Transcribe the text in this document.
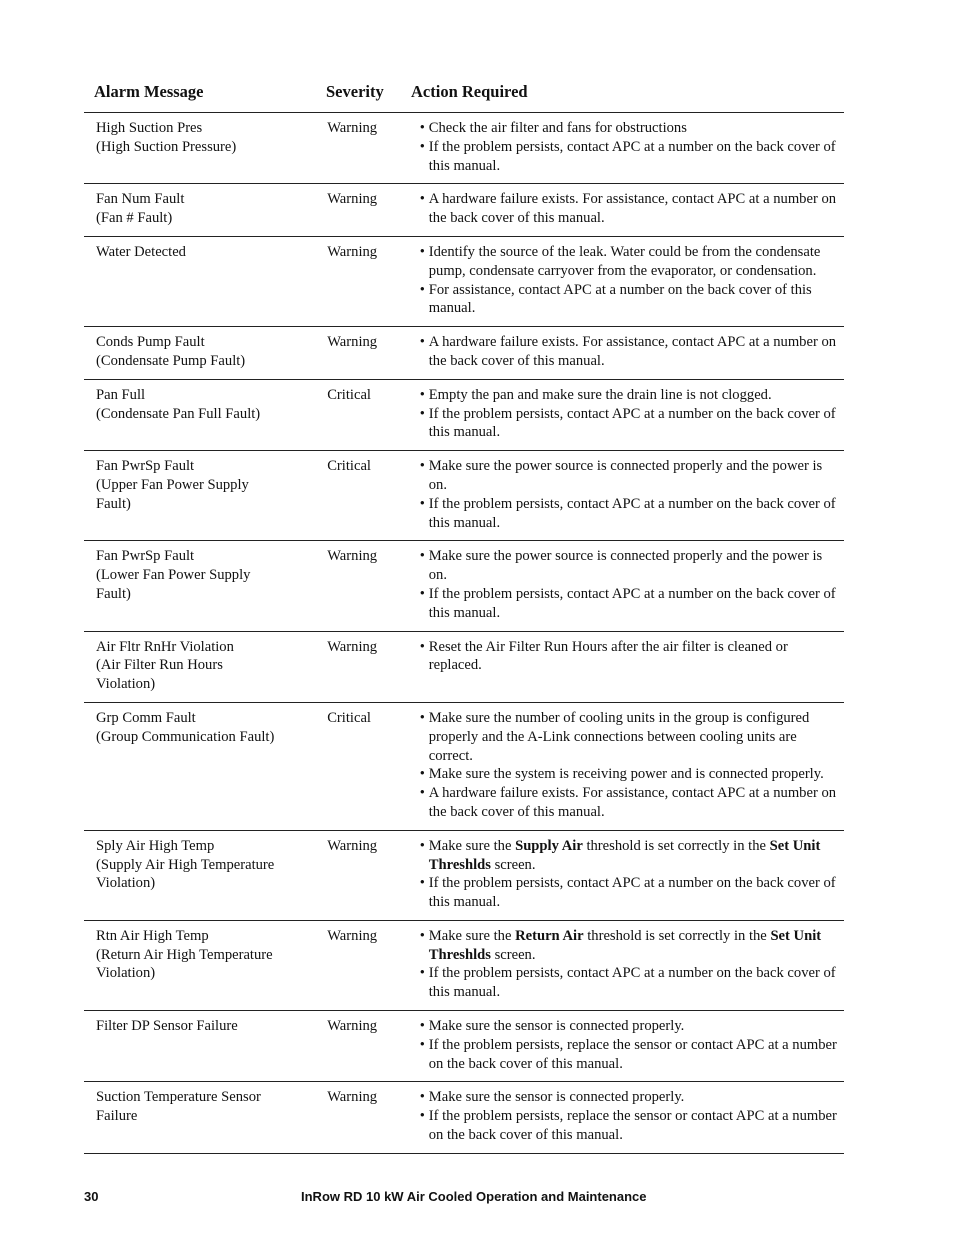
Alarm Message	Severity	Action Required
High Suction Pres
(High Suction Pressure)
Warning	• Check the air filter and fans for obstructions
• If the problem persists, contact APC at a number on the back cover of this manual.
Fan Num Fault
(Fan # Fault)
Warning	• A hardware failure exists. For assistance, contact APC at a number on the back cover of this manual.
Water Detected	Warning	• Identify the source of the leak. Water could be from the condensate pump, condensate carryover from the evaporator, or condensation.
• For assistance, contact APC at a number on the back cover of this manual.
Conds Pump Fault
(Condensate Pump Fault)
Warning	• A hardware failure exists. For assistance, contact APC at a number on the back cover of this manual.
Pan Full
(Condensate Pan Full Fault)
Critical	• Empty the pan and make sure the drain line is not clogged.
• If the problem persists, contact APC at a number on the back cover of this manual.
Fan PwrSp Fault
(Upper Fan Power Supply
Fault)
Critical	• Make sure the power source is connected properly and the power is on.
• If the problem persists, contact APC at a number on the back cover of this manual.
Fan PwrSp Fault
(Lower Fan Power Supply
Fault)
Warning	• Make sure the power source is connected properly and the power is on.
• If the problem persists, contact APC at a number on the back cover of this manual.
Air Fltr RnHr Violation
(Air Filter Run Hours
Violation)
Warning	• Reset the Air Filter Run Hours after the air filter is cleaned or replaced.
Grp Comm Fault
(Group Communication Fault)
Critical	• Make sure the number of cooling units in the group is configured properly and the A-Link connections between cooling units are correct.
• Make sure the system is receiving power and is connected properly.
• A hardware failure exists. For assistance, contact APC at a number on the back cover of this manual.
Sply Air High Temp
(Supply Air High Temperature
Violation)
Warning	• Make sure the Supply Air threshold is set correctly in the Set Unit Threshlds screen.
• If the problem persists, contact APC at a number on the back cover of this manual.
Rtn Air High Temp
(Return Air High Temperature
Violation)
Warning	• Make sure the Return Air threshold is set correctly in the Set Unit Threshlds screen.
• If the problem persists, contact APC at a number on the back cover of this manual.
Filter DP Sensor Failure	Warning	• Make sure the sensor is connected properly.
• If the problem persists, replace the sensor or contact APC at a number on the back cover of this manual.
Suction Temperature Sensor
Failure
Warning	• Make sure the sensor is connected properly.
• If the problem persists, replace the sensor or contact APC at a number on the back cover of this manual.
30	InRow RD 10 kW Air Cooled Operation and Maintenance
